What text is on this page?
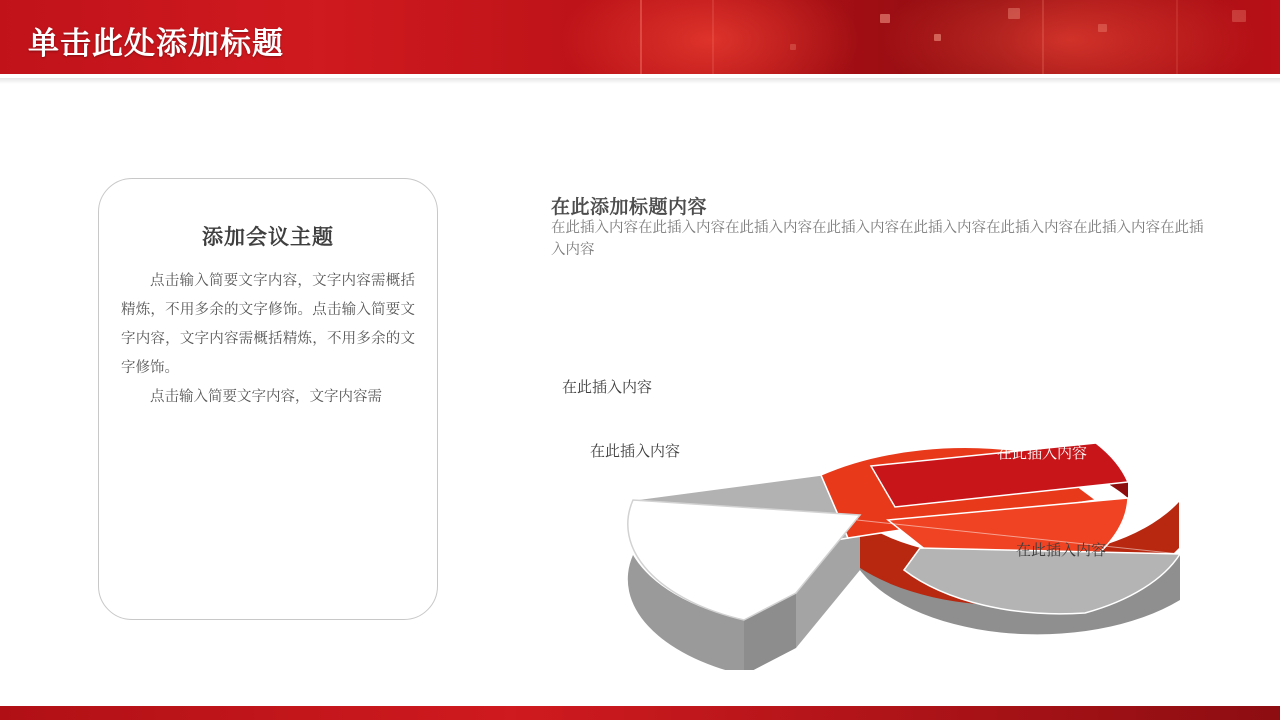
单击此处添加标题
添加会议主题

点击输入简要文字内容，文字内容需概括精炼，不用多余的文字修饰。点击输入简要文字内容，文字内容需概括精炼，不用多余的文字修饰。

点击输入简要文字内容，文字内容需

在此添加标题内容
在此插入内容在此插入内容在此插入内容在此插入内容在此插入内容在此插入内容在此插入内容在此插入内容
在此插入内容
在此插入内容
在此插入内容
在此插入内容
在此插入内容
在此插入内容
